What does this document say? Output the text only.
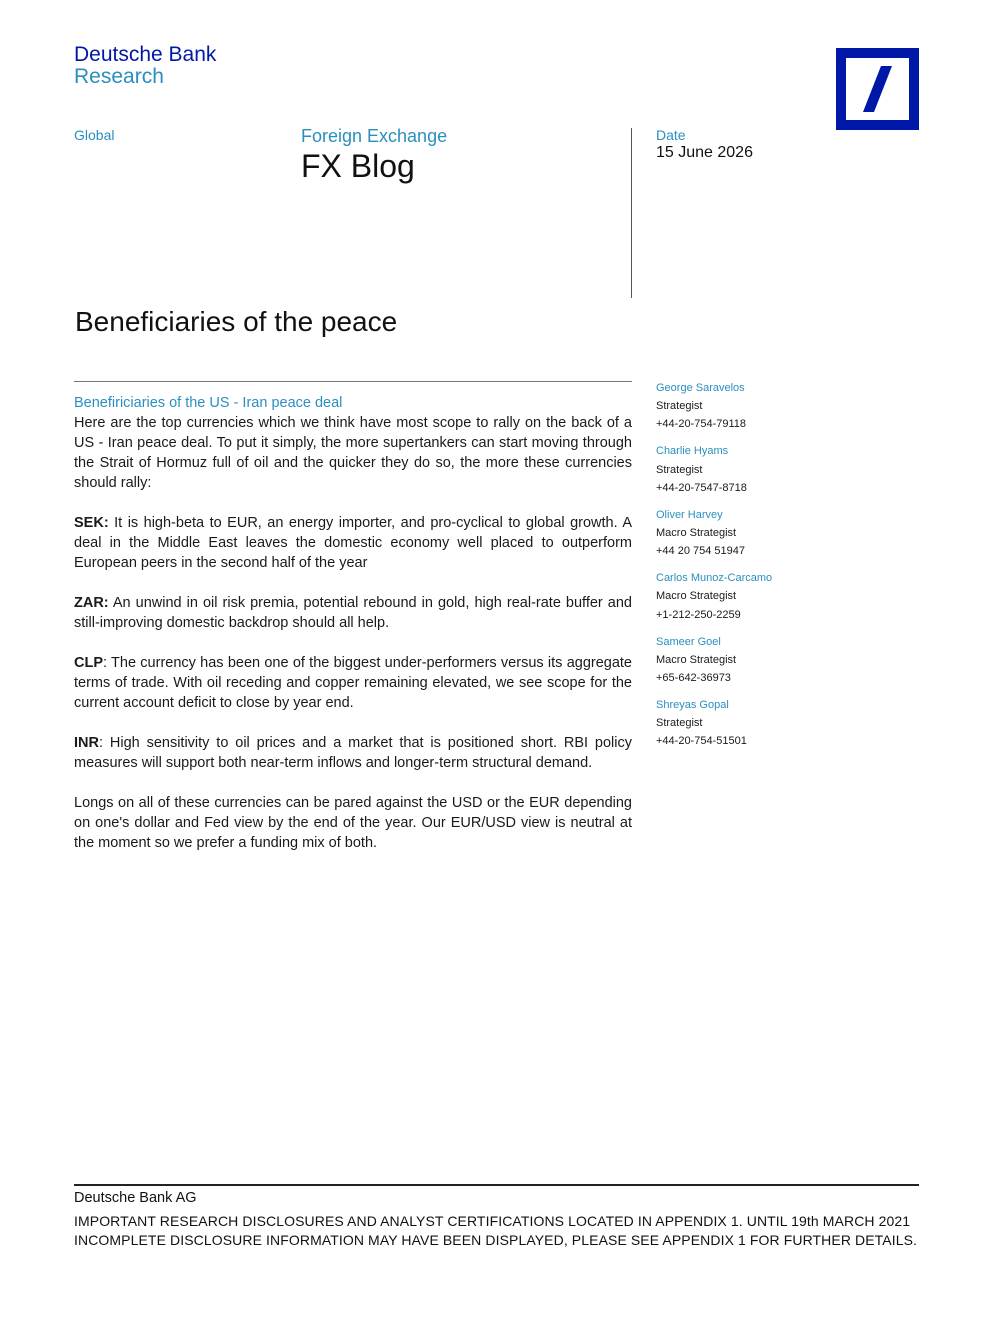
Deutsche Bank
Research
Global	Foreign Exchange
FX Blog
Date
15 June 2026
Beneficiaries of the peace
Benefiriciaries of the US - Iran peace deal

Here are the top currencies which we think have most scope to rally on the back of a US - Iran peace deal. To put it simply, the more supertankers can start moving through the Strait of Hormuz full of oil and the quicker they do so, the more these currencies should rally:

SEK: It is high-beta to EUR, an energy importer, and pro-cyclical to global growth. A deal in the Middle East leaves the domestic economy well placed to outperform European peers in the second half of the year

ZAR: An unwind in oil risk premia, potential rebound in gold, high real-rate buffer and still-improving domestic backdrop should all help.

CLP: The currency has been one of the biggest under-performers versus its aggregate terms of trade. With oil receding and copper remaining elevated, we see scope for the current account deficit to close by year end.

INR: High sensitivity to oil prices and a market that is positioned short. RBI policy measures will support both near-term inflows and longer-term structural demand.

Longs on all of these currencies can be pared against the USD or the EUR depending on one's dollar and Fed view by the end of the year. Our EUR/USD view is neutral at the moment so we prefer a funding mix of both.

George Saravelos
Strategist
+44-20-754-79118
Charlie Hyams
Strategist
+44-20-7547-8718
Oliver Harvey
Macro Strategist
+44 20 754 51947
Carlos Munoz-Carcamo
Macro Strategist
+1-212-250-2259
Sameer Goel
Macro Strategist
+65-642-36973
Shreyas Gopal
Strategist
+44-20-754-51501
Deutsche Bank AG
IMPORTANT RESEARCH DISCLOSURES AND ANALYST CERTIFICATIONS LOCATED IN APPENDIX 1. UNTIL 19th MARCH 2021 INCOMPLETE DISCLOSURE INFORMATION MAY HAVE BEEN DISPLAYED, PLEASE SEE APPENDIX 1 FOR FURTHER DETAILS.
